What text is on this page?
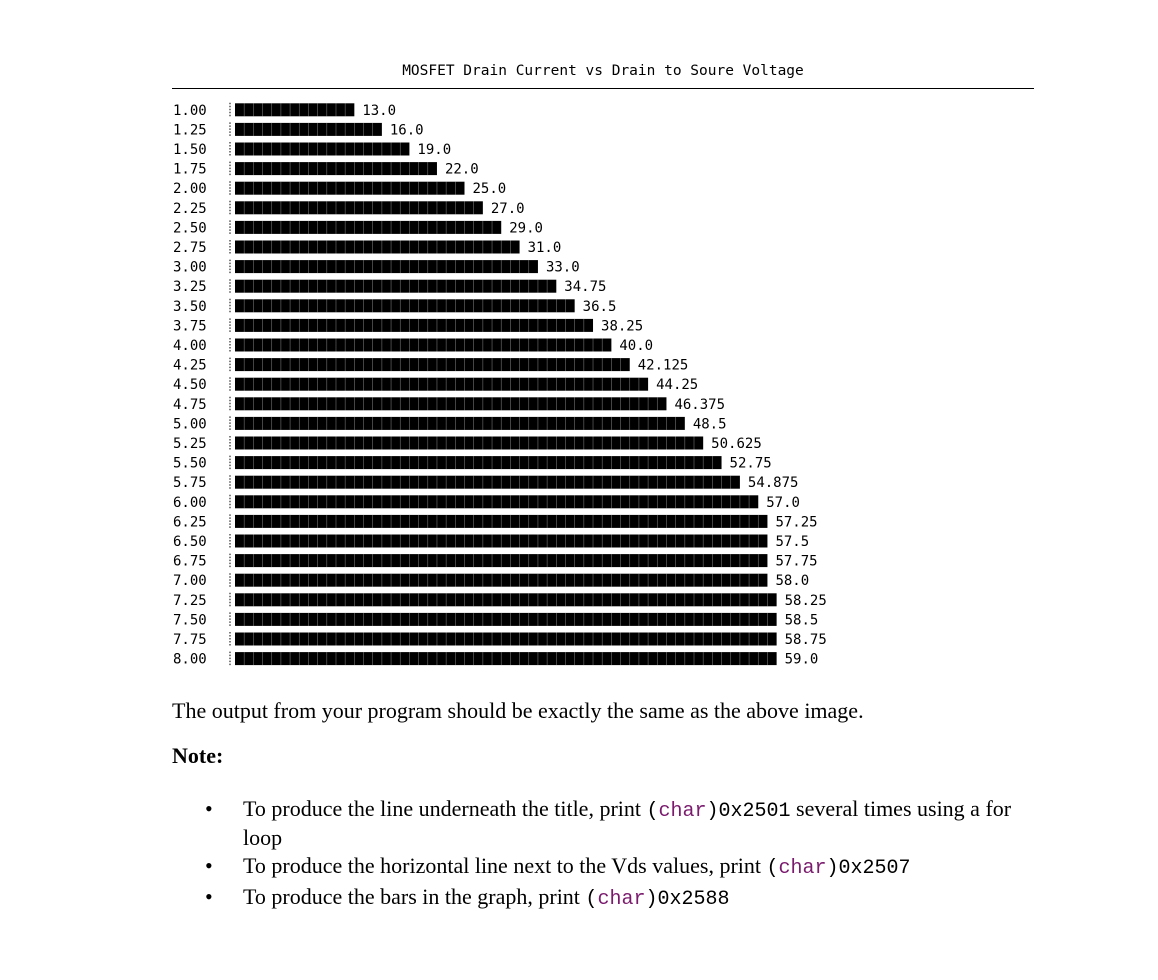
MOSFET Drain Current vs Drain to Soure Voltage
1.00	13.0
1.25	16.0
1.50	19.0
1.75	22.0
2.00	25.0
2.25	27.0
2.50	29.0
2.75	31.0
3.00	33.0
3.25	34.75
3.50	36.5
3.75	38.25
4.00	40.0
4.25	42.125
4.50	44.25
4.75	46.375
5.00	48.5
5.25	50.625
5.50	52.75
5.75	54.875
6.00	57.0
6.25	57.25
6.50	57.5
6.75	57.75
7.00	58.0
7.25	58.25
7.50	58.5
7.75	58.75
8.00	59.0

The output from your program should be exactly the same as the above image.

Note:

• To produce the line underneath the title, print (char)0x2501 several times using a for loop
• To produce the horizontal line next to the Vds values, print (char)0x2507
• To produce the bars in the graph, print (char)0x2588
